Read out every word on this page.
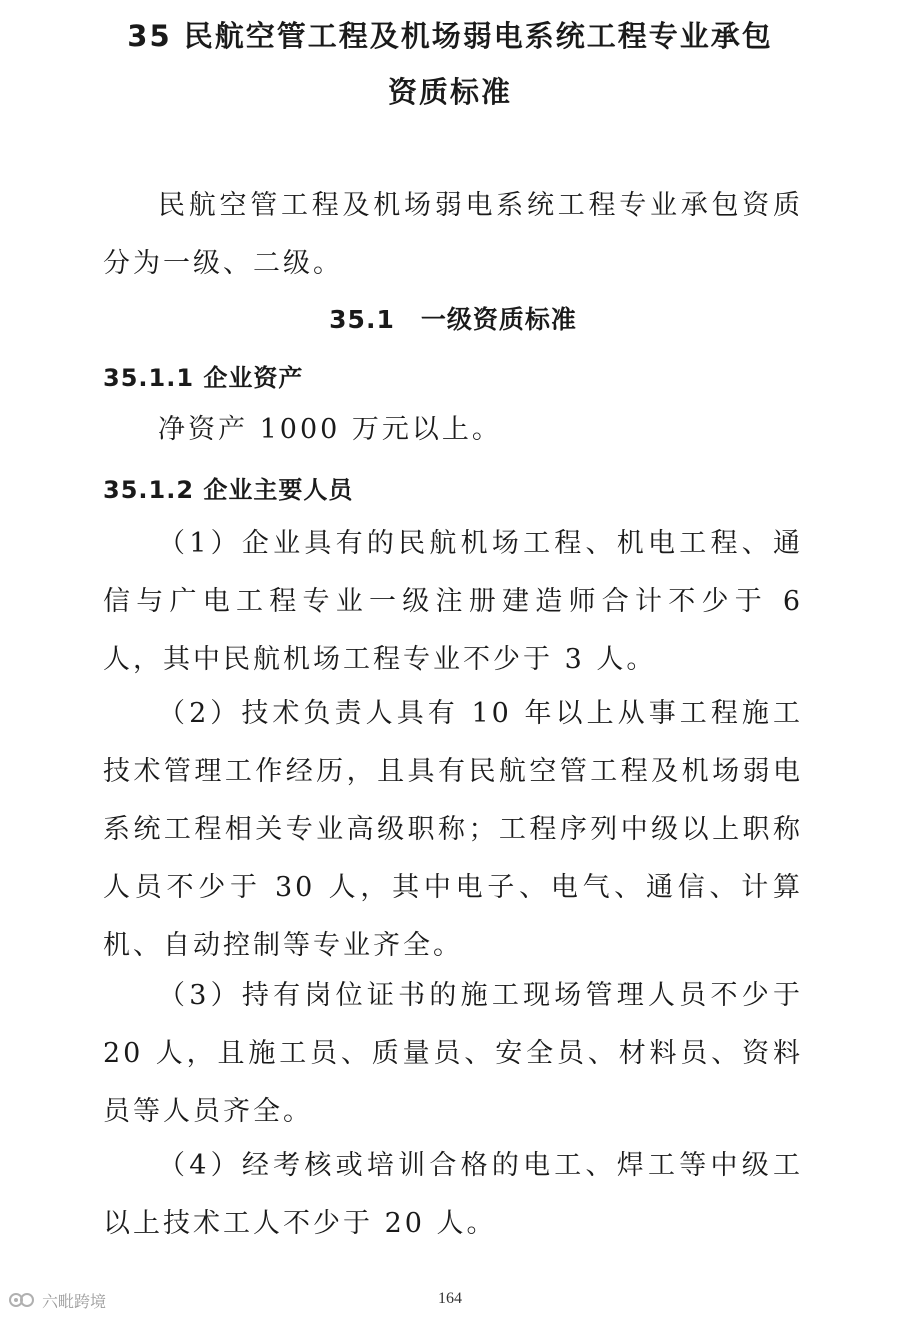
35 民航空管工程及机场弱电系统工程专业承包
资质标准

民航空管工程及机场弱电系统工程专业承包资质分为一级、二级。

35.1　一级资质标准
35.1.1 企业资产

净资产 1000 万元以上。

35.1.2 企业主要人员

（1）企业具有的民航机场工程、机电工程、通信与广电工程专业一级注册建造师合计不少于 6 人，其中民航机场工程专业不少于 3 人。

（2）技术负责人具有 10 年以上从事工程施工技术管理工作经历，且具有民航空管工程及机场弱电系统工程相关专业高级职称；工程序列中级以上职称人员不少于 30 人，其中电子、电气、通信、计算机、自动控制等专业齐全。

（3）持有岗位证书的施工现场管理人员不少于 20 人，且施工员、质量员、安全员、材料员、资料员等人员齐全。

（4）经考核或培训合格的电工、焊工等中级工以上技术工人不少于 20 人。

164
六毗跨境
